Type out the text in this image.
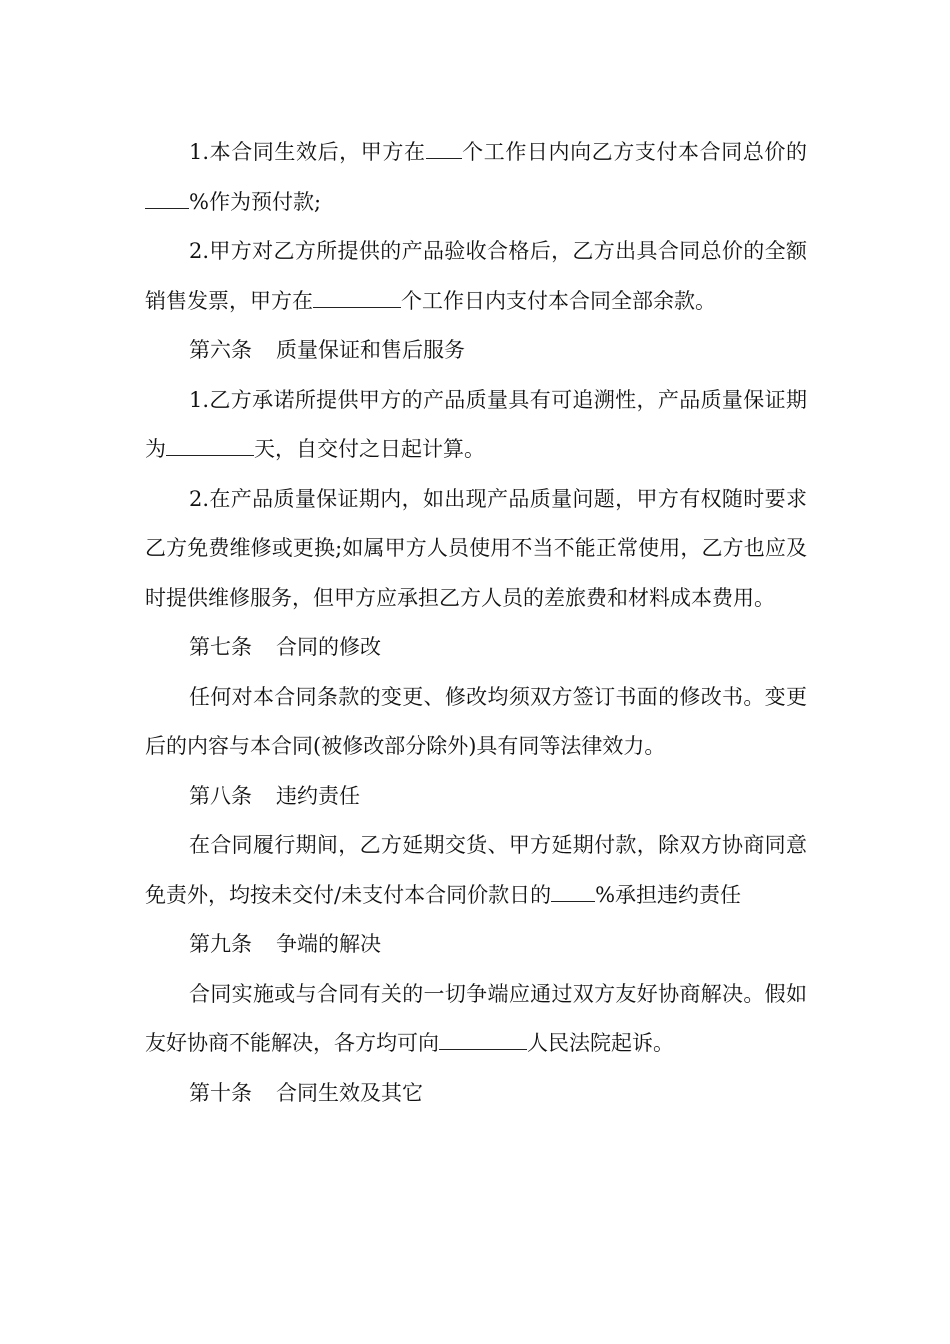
1.本合同生效后，甲方在 个工作日内向乙方支付本合同总价的%作为预付款;

2.甲方对乙方所提供的产品验收合格后，乙方出具合同总价的全额销售发票，甲方在	个工作日内支付本合同全部余款。

第六条 质量保证和售后服务

1.乙方承诺所提供甲方的产品质量具有可追溯性，产品质量保证期为	天，自交付之日起计算。

2.在产品质量保证期内，如出现产品质量问题，甲方有权随时要求乙方免费维修或更换;如属甲方人员使用不当不能正常使用，乙方也应及时提供维修服务，但甲方应承担乙方人员的差旅费和材料成本费用。

第七条 合同的修改

任何对本合同条款的变更、修改均须双方签订书面的修改书。变更后的内容与本合同(被修改部分除外)具有同等法律效力。

第八条 违约责任

在合同履行期间，乙方延期交货、甲方延期付款，除双方协商同意免责外，均按未交付/未支付本合同价款日的 %承担违约责任

第九条 争端的解决

合同实施或与合同有关的一切争端应通过双方友好协商解决。假如友好协商不能解决，各方均可向	人民法院起诉。

第十条 合同生效及其它
